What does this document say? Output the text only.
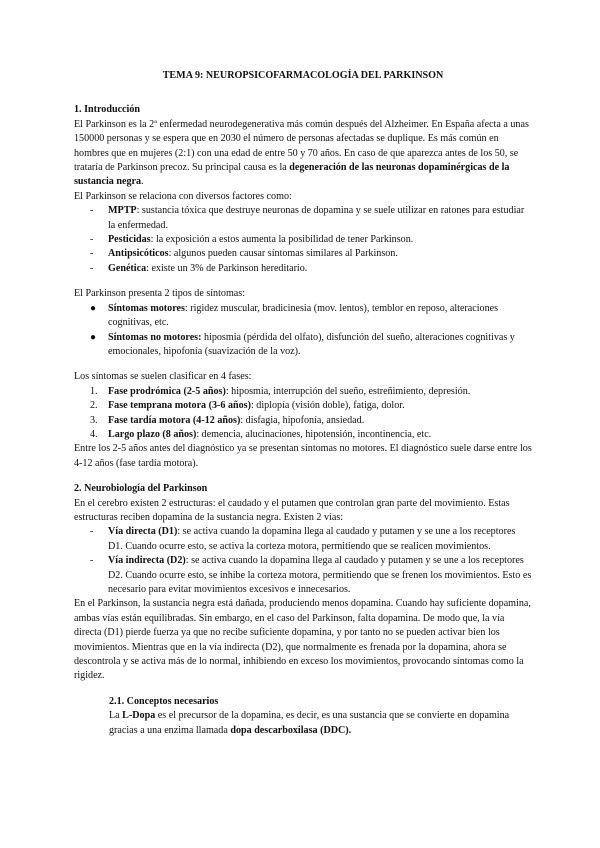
TEMA 9: NEUROPSICOFARMACOLOGÍA DEL PARKINSON

1. Introducción

El Parkinson es la 2ª enfermedad neurodegenerativa más común después del Alzheimer. En España afecta a unas 150000 personas y se espera que en 2030 el número de personas afectadas se duplique. Es más común en hombres que en mujeres (2:1) con una edad de entre 50 y 70 años. En caso de que aparezca antes de los 50, se trataría de Parkinson precoz. Su principal causa es la degeneración de las neuronas dopaminérgicas de la sustancia negra.

El Parkinson se relaciona con diversos factores como:

-	MPTP: sustancia tóxica que destruye neuronas de dopamina y se suele utilizar en ratones para estudiar la enfermedad.
-	Pesticidas: la exposición a estos aumenta la posibilidad de tener Parkinson.
-	Antipsicóticos: algunos pueden causar síntomas similares al Parkinson.
-	Genética: existe un 3% de Parkinson hereditario.

El Parkinson presenta 2 tipos de síntomas:

●	Síntomas motores: rigidez muscular, bradicinesia (mov. lentos), temblor en reposo, alteraciones cognitivas, etc.
●	Síntomas no motores: hiposmia (pérdida del olfato), disfunción del sueño, alteraciones cognitivas y emocionales, hipofonía (suavización de la voz).

Los síntomas se suelen clasificar en 4 fases:

1.	Fase prodrómica (2-5 años): hiposmia, interrupción del sueño, estreñimiento, depresión.
2.	Fase temprana motora (3-6 años): diplopía (visión doble), fatiga, dolor.
3.	Fase tardía motora (4-12 años): disfagia, hipofonía, ansiedad.
4.	Largo plazo (8 años): demencia, alucinaciones, hipotensión, incontinencia, etc.

Entre los 2-5 años antes del diagnóstico ya se presentan síntomas no motores. El diagnóstico suele darse entre los 4-12 años (fase tardía motora).

2. Neurobiología del Parkinson

En el cerebro existen 2 estructuras: el caudado y el putamen que controlan gran parte del movimiento. Estas estructuras reciben dopamina de la sustancia negra. Existen 2 vías:

-	Vía directa (D1): se activa cuando la dopamina llega al caudado y putamen y se une a los receptores D1. Cuando ocurre esto, se activa la corteza motora, permitiendo que se realicen movimientos.
-	Vía indirecta (D2): se activa cuando la dopamina llega al caudado y putamen y se une a los receptores D2. Cuando ocurre esto, se inhibe la corteza motora, permitiendo que se frenen los movimientos. Esto es necesario para evitar movimientos excesivos e innecesarios.

En el Parkinson, la sustancia negra está dañada, produciendo menos dopamina. Cuando hay suficiente dopamina, ambas vías están equilibradas. Sin embargo, en el caso del Parkinson, falta dopamina. De modo que, la vía directa (D1) pierde fuerza ya que no recibe suficiente dopamina, y por tanto no se pueden activar bien los movimientos. Mientras que en la vía indirecta (D2), que normalmente es frenada por la dopamina, ahora se descontrola y se activa más de lo normal, inhibiendo en exceso los movimientos, provocando síntomas como la rigidez.

2.1. Conceptos necesarios

La L-Dopa es el precursor de la dopamina, es decir, es una sustancia que se convierte en dopamina gracias a una enzima llamada dopa descarboxilasa (DDC).
